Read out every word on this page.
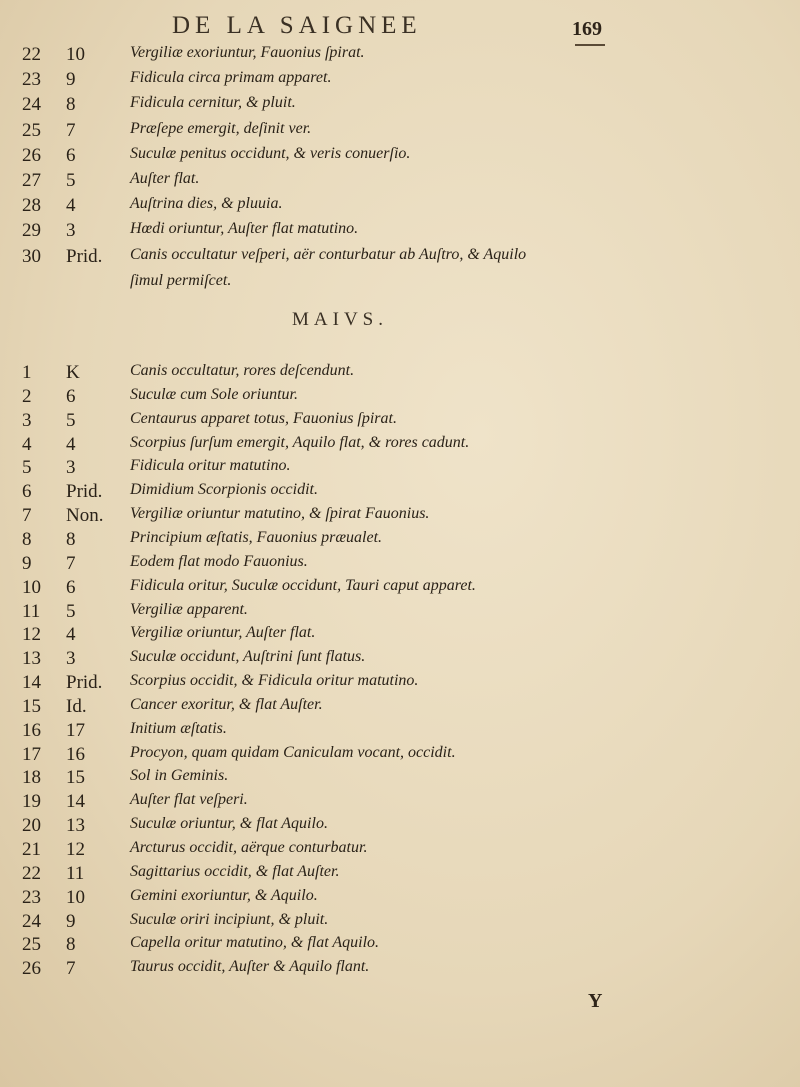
DE LA SAIGNEE	169
22	10	Vergiliæ exoriuntur, Fauonius ſpirat.
23	9	Fidicula circa primam apparet.
24	8	Fidicula cernitur, & pluit.
25	7	Præſepe emergit, deſinit ver.
26	6	Suculæ penitus occidunt, & veris conuerſio.
27	5	Auſter flat.
28	4	Auſtrina dies, & pluuia.
29	3	Hœdi oriuntur, Auſter flat matutino.
30	Prid.	Canis occultatur veſperi, aër conturbatur ab Auſtro, & Aquilo
ſimul permiſcet.
MAIVS.
1	K	Canis occultatur, rores deſcendunt.
2	6	Suculæ cum Sole oriuntur.
3	5	Centaurus apparet totus, Fauonius ſpirat.
4	4	Scorpius ſurſum emergit, Aquilo flat, & rores cadunt.
5	3	Fidicula oritur matutino.
6	Prid.	Dimidium Scorpionis occidit.
7	Non.	Vergiliæ oriuntur matutino, & ſpirat Fauonius.
8	8	Principium æſtatis, Fauonius præualet.
9	7	Eodem flat modo Fauonius.
10	6	Fidicula oritur, Suculæ occidunt, Tauri caput apparet.
11	5	Vergiliæ apparent.
12	4	Vergiliæ oriuntur, Auſter flat.
13	3	Suculæ occidunt, Auſtrini ſunt flatus.
14	Prid.	Scorpius occidit, & Fidicula oritur matutino.
15	Id.	Cancer exoritur, & flat Auſter.
16	17	Initium æſtatis.
17	16	Procyon, quam quidam Caniculam vocant, occidit.
18	15	Sol in Geminis.
19	14	Auſter flat veſperi.
20	13	Suculæ oriuntur, & flat Aquilo.
21	12	Arcturus occidit, aërque conturbatur.
22	11	Sagittarius occidit, & flat Auſter.
23	10	Gemini exoriuntur, & Aquilo.
24	9	Suculæ oriri incipiunt, & pluit.
25	8	Capella oritur matutino, & flat Aquilo.
26	7	Taurus occidit, Auſter & Aquilo flant.
Y
